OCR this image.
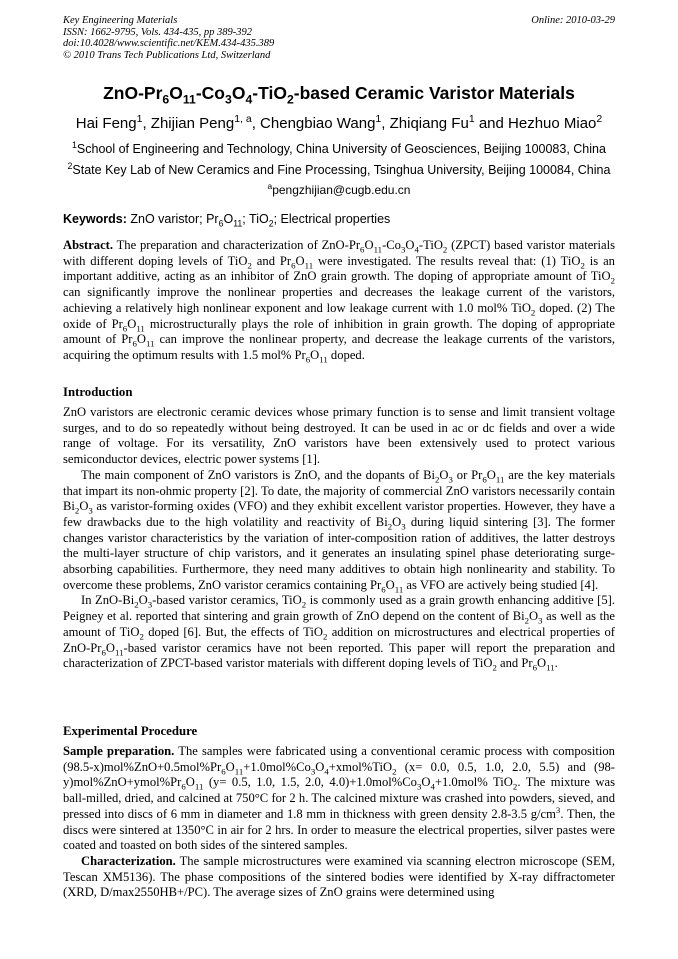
Key Engineering Materials
ISSN: 1662-9795, Vols. 434-435, pp 389-392
doi:10.4028/www.scientific.net/KEM.434-435.389
© 2010 Trans Tech Publications Ltd, Switzerland
Online: 2010-03-29
ZnO-$Pr_6O_{11}-Co_3O_4-TiO_2$-based Ceramic Varistor Materials
Hai Feng$^1$, Zhijian Peng$^{1, a}$, Chengbiao Wang$^1$, Zhiqiang Fu$^1$ and Hezhuo Miao$^2$
$^1$School of Engineering and Technology, China University of Geosciences, Beijing 100083, China
$^2$State Key Lab of New Ceramics and Fine Processing, Tsinghua University, Beijing 100084, China
$^a$pengzhijian@cugb.edu.cn
Keywords: ZnO varistor; $Pr_6O_{11}$; TiO$_2$; Electrical properties

Abstract. The preparation and characterization of ZnO-$Pr_6O_{11}-Co_3O_4-TiO_2$ (ZPCT) based varistor materials with different doping levels of TiO$_2$ and $Pr_6O_{11}$ were investigated. The results reveal that: (1) TiO$_2$ is an important additive, acting as an inhibitor of ZnO grain growth. The doping of appropriate amount of TiO$_2$ can significantly improve the nonlinear properties and decreases the leakage current of the varistors, achieving a relatively high nonlinear exponent and low leakage current with 1.0 mol% TiO$_2$ doped. (2) The oxide of $Pr_6O_{11}$ microstructurally plays the role of inhibition in grain growth. The doping of appropriate amount of $Pr_6O_{11}$ can improve the nonlinear property, and decrease the leakage currents of the varistors, acquiring the optimum results with 1.5 mol% $Pr_6O_{11}$ doped.

Introduction

ZnO varistors are electronic ceramic devices whose primary function is to sense and limit transient voltage surges, and to do so repeatedly without being destroyed. It can be used in ac or dc fields and over a wide range of voltage. For its versatility, ZnO varistors have been extensively used to protect various semiconductor devices, electric power systems [1].

The main component of ZnO varistors is ZnO, and the dopants of $Bi_2O_3$ or $Pr_6O_{11}$ are the key materials that impart its non-ohmic property [2]. To date, the majority of commercial ZnO varistors necessarily contain $Bi_2O_3$ as varistor-forming oxides (VFO) and they exhibit excellent varistor properties. However, they have a few drawbacks due to the high volatility and reactivity of $Bi_2O_3$ during liquid sintering [3]. The former changes varistor characteristics by the variation of inter-composition ration of additives, the latter destroys the multi-layer structure of chip varistors, and it generates an insulating spinel phase deteriorating surge-absorbing capabilities. Furthermore, they need many additives to obtain high nonlinearity and stability. To overcome these problems, ZnO varistor ceramics containing $Pr_6O_{11}$ as VFO are actively being studied [4].

In ZnO-$Bi_2O_3$-based varistor ceramics, TiO$_2$ is commonly used as a grain growth enhancing additive [5]. Peigney et al. reported that sintering and grain growth of ZnO depend on the content of $Bi_2O_3$ as well as the amount of TiO$_2$ doped [6]. But, the effects of TiO$_2$ addition on microstructures and electrical properties of ZnO-$Pr_6O_{11}$-based varistor ceramics have not been reported. This paper will report the preparation and characterization of ZPCT-based varistor materials with different doping levels of TiO$_2$ and $Pr_6O_{11}$.

Experimental Procedure

Sample preparation. The samples were fabricated using a conventional ceramic process with composition $(98.5-x)mol\%ZnO+0.5mol\%Pr_6O_{11}+1.0mol\%Co_3O_4+xmol\%TiO_2$ (x= 0.0, 0.5, 1.0, 2.0, 5.5) and $(98-y)mol\%ZnO+ymol\%Pr_6O_{11}$ (y= 0.5, 1.0, 1.5, 2.0, $4.0)+1.0mol\%Co_3O_4+1.0mol\%$ TiO$_2$. The mixture was ball-milled, dried, and calcined at 750°C for 2 h. The calcined mixture was crashed into powders, sieved, and pressed into discs of 6 mm in diameter and 1.8 mm in thickness with green density 2.8-3.5 $g/cm^3$. Then, the discs were sintered at 1350°C in air for 2 hrs. In order to measure the electrical properties, silver pastes were coated and toasted on both sides of the sintered samples.

Characterization. The sample microstructures were examined via scanning electron microscope (SEM, Tescan XM5136). The phase compositions of the sintered bodies were identified by X-ray diffractometer (XRD, D/max2550HB+/PC). The average sizes of ZnO grains were determined using
